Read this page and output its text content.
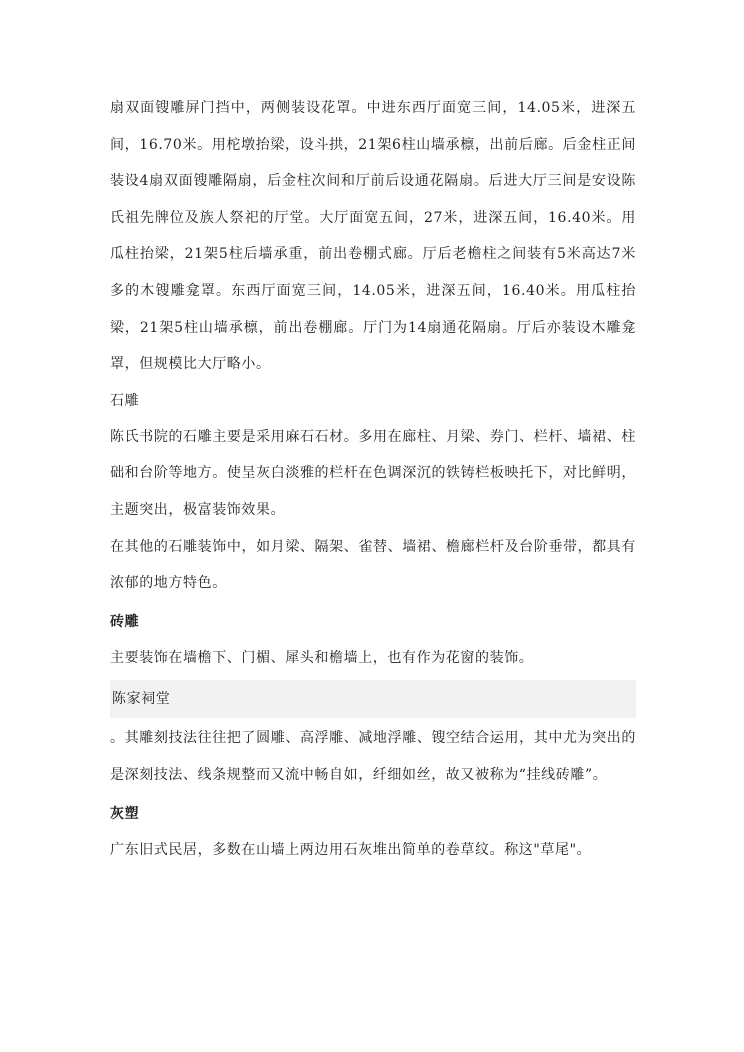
扇双面锼雕屏门挡中，两侧装设花罩。中进东西厅面宽三间，14.05米，进深五间，16.70米。用柁墩抬梁，设斗拱，21架6柱山墙承檩，出前后廊。后金柱正间装设4扇双面锼雕隔扇，后金柱次间和厅前后设通花隔扇。后进大厅三间是安设陈氏祖先牌位及族人祭祀的厅堂。大厅面宽五间，27米，进深五间，16.40米。用瓜柱抬梁，21架5柱后墙承重，前出卷棚式廊。厅后老檐柱之间装有5米高达7米多的木锼雕龛罩。东西厅面宽三间，14.05米，进深五间，16.40米。用瓜柱抬梁，21架5柱山墙承檩，前出卷棚廊。厅门为14扇通花隔扇。厅后亦装设木雕龛罩，但规模比大厅略小。

石雕

陈氏书院的石雕主要是采用麻石石材。多用在廊柱、月梁、券门、栏杆、墙裙、柱础和台阶等地方。使呈灰白淡雅的栏杆在色调深沉的铁铸栏板映托下，对比鲜明，主题突出，极富装饰效果。

在其他的石雕装饰中，如月梁、隔架、雀替、墙裙、檐廊栏杆及台阶垂带，都具有浓郁的地方特色。

砖雕

主要装饰在墙檐下、门楣、犀头和檐墙上，也有作为花窗的装饰。

陈家祠堂

。其雕刻技法往往把了圆雕、高浮雕、减地浮雕、锼空结合运用，其中尤为突出的是深刻技法、线条规整而又流中畅自如，纤细如丝，故又被称为“挂线砖雕”。

灰塑

广东旧式民居，多数在山墙上两边用石灰堆出简单的卷草纹。称这"草尾"。
